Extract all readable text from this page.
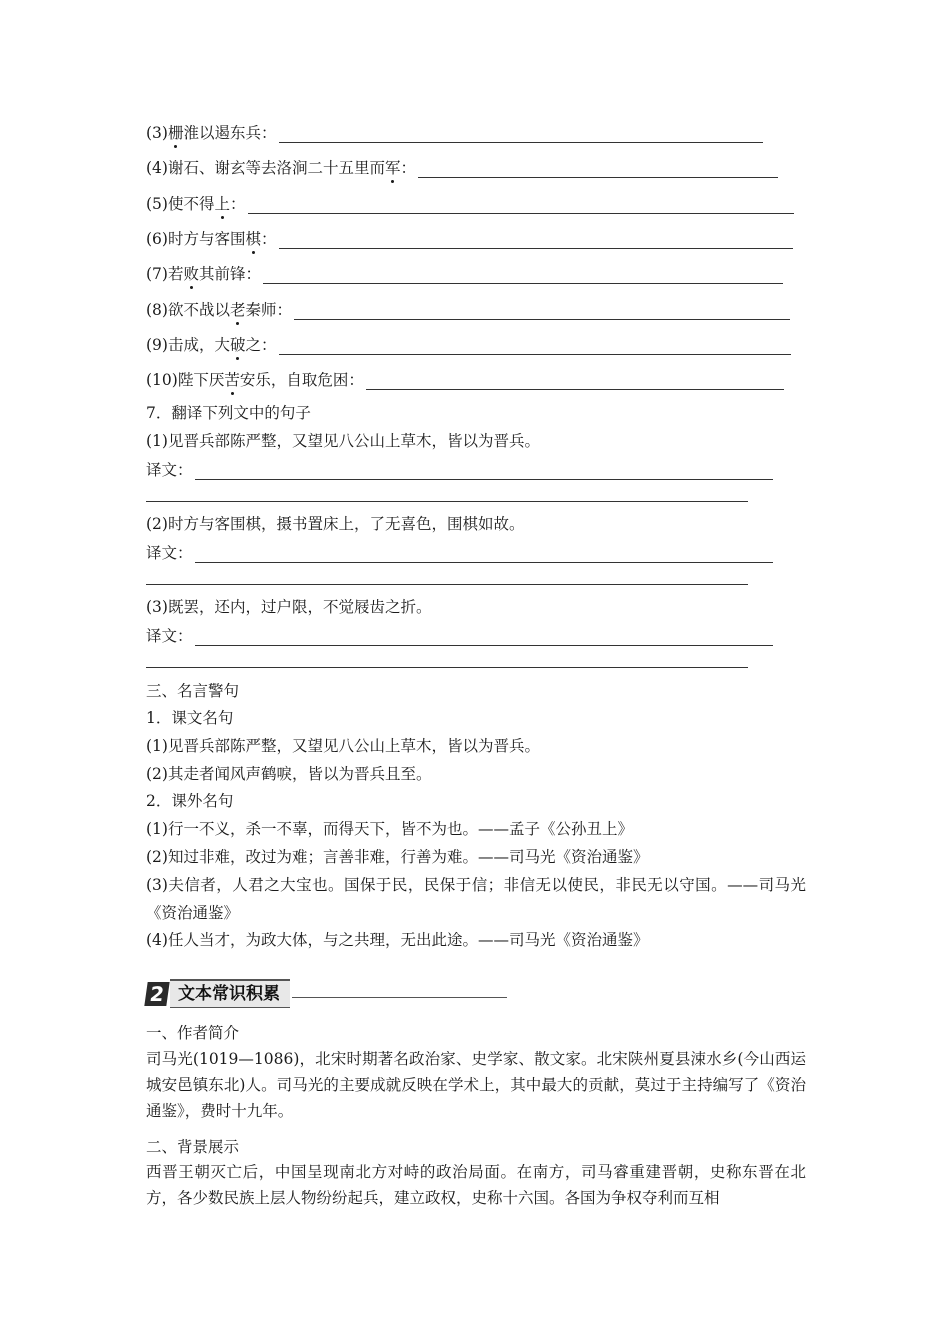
(3) 栅 淮以遏东兵：
(4) 谢石、谢玄等去洛涧二十五里而 军 ：
(5) 使不得 上 ：
(6) 时方与客围 棋 ：
(7) 若 败 其前锋：
(8) 欲不战以 老 秦师：
(9) 击成，大 破 之：
(10) 陛下厌 苦 安乐，自取危困：
7．翻译下列文中的句子
(1)见晋兵部陈严整，又望见八公山上草木，皆以为晋兵。
译文：
(2)时方与客围棋，摄书置床上，了无喜色，围棋如故。
译文：
(3)既罢，还内，过户限，不觉屐齿之折。
译文：
三、名言警句
1．课文名句
(1)见晋兵部陈严整，又望见八公山上草木，皆以为晋兵。
(2)其走者闻风声鹤唳，皆以为晋兵且至。
2．课外名句
(1)行一不义，杀一不辜，而得天下，皆不为也。——孟子《公孙丑上》
(2)知过非难，改过为难；言善非难，行善为难。——司马光《资治通鉴》
(3)夫信者，人君之大宝也。国保于民，民保于信；非信无以使民，非民无以守国。——司马光《资治通鉴》
(4)任人当才，为政大体，与之共理，无出此途。——司马光《资治通鉴》
2 文本常识积累
一、作者简介
司马光(1019—1086)，北宋时期著名政治家、史学家、散文家。北宋陕州夏县涑水乡(今山西运城安邑镇东北)人。司马光的主要成就反映在学术上，其中最大的贡献，莫过于主持编写了《资治通鉴》，费时十九年。
二、背景展示
西晋王朝灭亡后，中国呈现南北方对峙的政治局面。在南方，司马睿重建晋朝，史称东晋在北方，各少数民族上层人物纷纷起兵，建立政权，史称十六国。各国为争权夺利而互相
